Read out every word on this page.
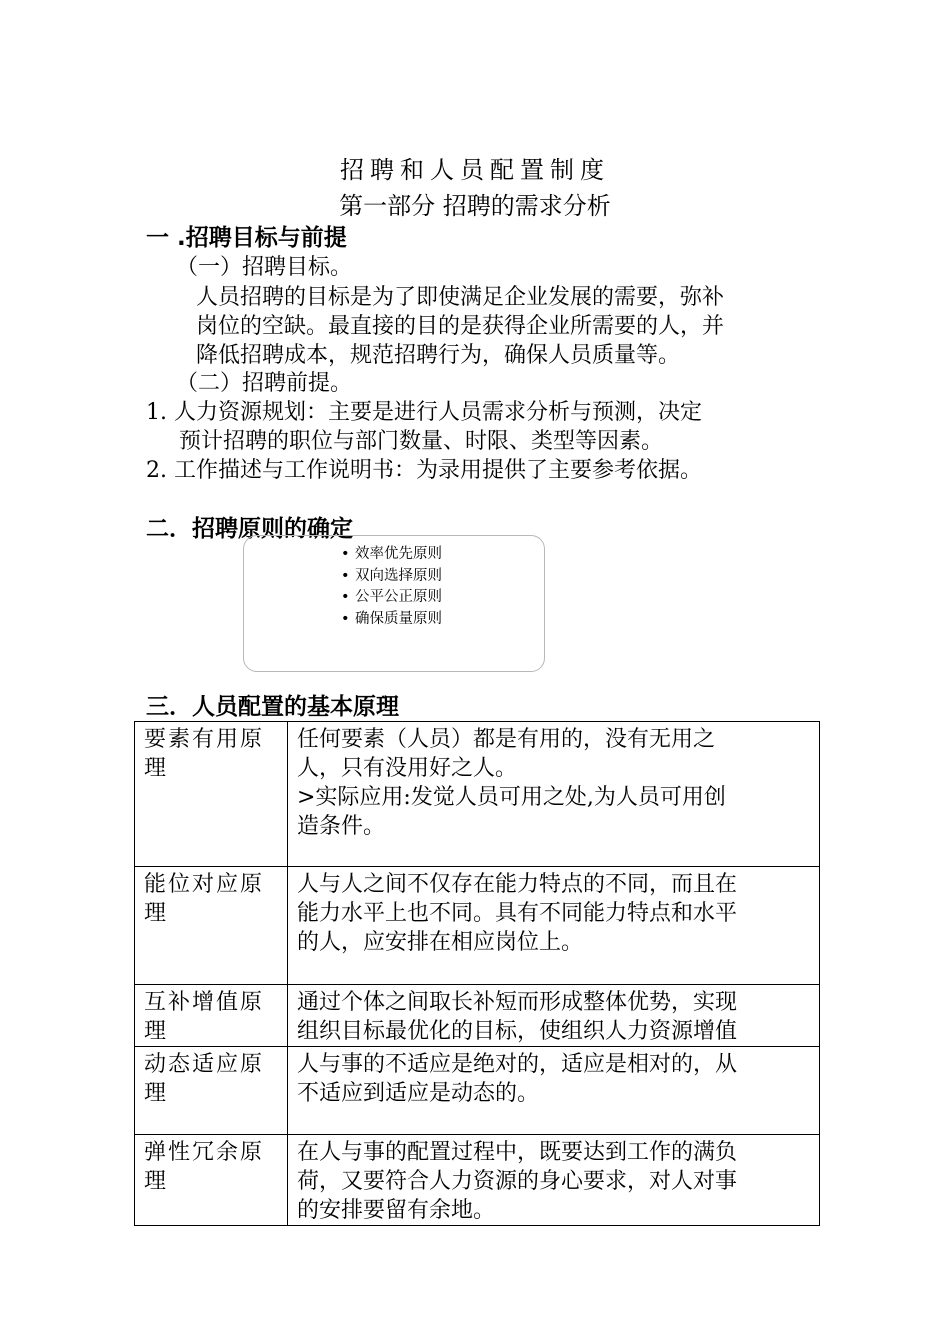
招聘和人员配置制度
第一部分 招聘的需求分析
一 .招聘目标与前提
（一）招聘目标。
人员招聘的目标是为了即使满足企业发展的需要，弥补
岗位的空缺。最直接的目的是获得企业所需要的人，并
降低招聘成本，规范招聘行为，确保人员质量等。
（二）招聘前提。
1. 人力资源规划：主要是进行人员需求分析与预测，决定
预计招聘的职位与部门数量、时限、类型等因素。
2. 工作描述与工作说明书：为录用提供了主要参考依据。
二．招聘原则的确定
• 效率优先原则
• 双向选择原则
• 公平公正原则
• 确保质量原则
三．人员配置的基本原理
要素有用原
理	任何要素（人员）都是有用的，没有无用之
人，只有没用好之人。
>实际应用:发觉人员可用之处,为人员可用创
造条件。

能位对应原
理	人与人之间不仅存在能力特点的不同，而且在
能力水平上也不同。具有不同能力特点和水平
的人，应安排在相应岗位上。

互补增值原
理	通过个体之间取长补短而形成整体优势，实现
组织目标最优化的目标，使组织人力资源增值

动态适应原
理	人与事的不适应是绝对的，适应是相对的，从
不适应到适应是动态的。

弹性冗余原
理	在人与事的配置过程中，既要达到工作的满负
荷，又要符合人力资源的身心要求，对人对事
的安排要留有余地。
